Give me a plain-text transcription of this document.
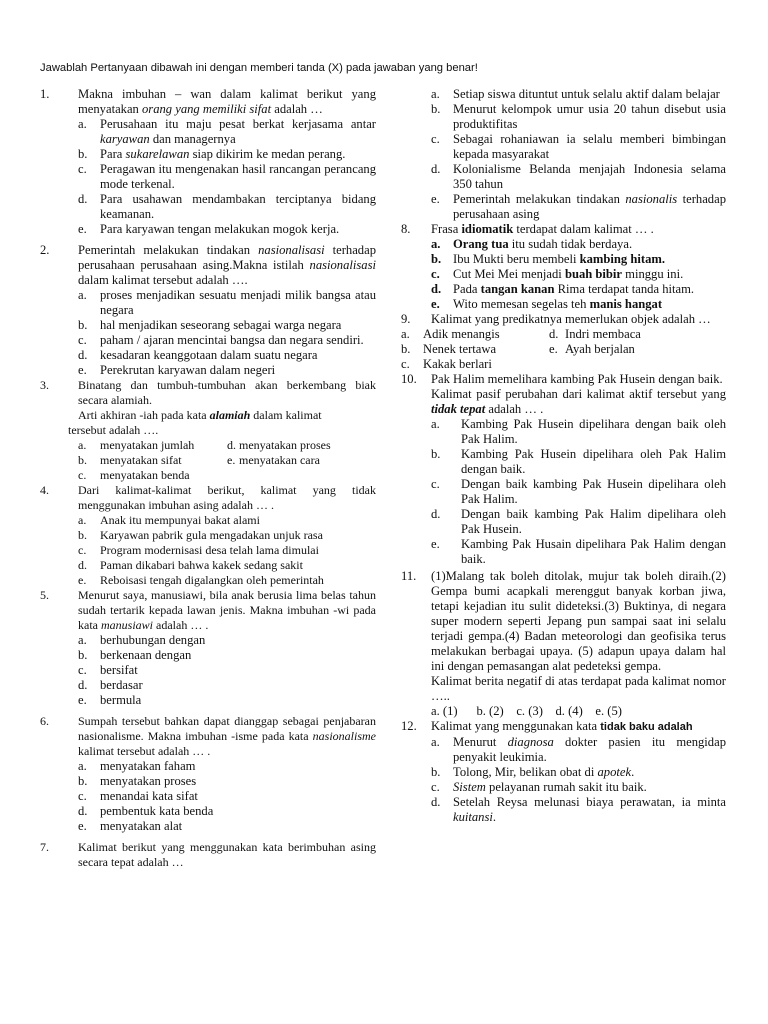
Jawablah Pertanyaan dibawah ini dengan memberi tanda (X) pada jawaban yang benar!
1.	Makna imbuhan – wan dalam kalimat berikut yang menyatakan orang yang memiliki sifat adalah …
a.	Perusahaan itu maju pesat berkat kerjasama antar karyawan dan managernya
b. Para sukarelawan siap dikirim ke medan perang.
c.	Peragawan itu mengenakan hasil rancangan perancang mode terkenal.
d. Para usahawan mendambakan terciptanya bidang keamanan.
e.	Para karyawan tengan melakukan mogok kerja.
2.	Pemerintah melakukan tindakan nasionalisasi terhadap perusahaan perusahaan asing.Makna istilah nasionalisasi dalam kalimat tersebut adalah ….
a.	proses menjadikan sesuatu menjadi milik bangsa atau negara
b. hal menjadikan seseorang sebagai warga negara
c.	paham / ajaran mencintai bangsa dan negara sendiri.
d. kesadaran keanggotaan dalam suatu negara
e.	Perekrutan karyawan dalam negeri
3.	Binatang dan tumbuh-tumbuhan akan berkembang biak secara alamiah.
Arti akhiran -iah pada kata alamiah dalam kalimat
tersebut adalah ….
a.	menyatakan jumlah	d. menyatakan proses
b.	menyatakan sifat	e. menyatakan cara
c.	menyatakan benda
4.	Dari kalimat-kalimat berikut, kalimat yang tidak menggunakan imbuhan asing adalah … .
a.	Anak itu mempunyai bakat alami
b.	Karyawan pabrik gula mengadakan unjuk rasa
c.	Program modernisasi desa telah lama dimulai
d.	Paman dikabari bahwa kakek sedang sakit
e.	Reboisasi tengah digalangkan oleh pemerintah
5.	Menurut saya, manusiawi, bila anak berusia lima belas tahun sudah tertarik kepada lawan jenis. Makna imbuhan -wi pada kata manusiawi adalah … .
a.	berhubungan dengan
b. berkenaan dengan
c.	bersifat
d. berdasar
e.	bermula
6.	Sumpah tersebut bahkan dapat dianggap sebagai penjabaran nasionalisme. Makna imbuhan -isme pada kata nasionalisme kalimat tersebut adalah … .
a.	menyatakan faham
b. menyatakan proses
c.	menandai kata sifat
d. pembentuk kata benda
e.	menyatakan alat
7.	Kalimat berikut yang menggunakan kata berimbuhan asing secara tepat adalah …
a.	Setiap siswa dituntut untuk selalu aktif dalam belajar
b. Menurut kelompok umur usia 20 tahun disebut usia produktifitas
c.	Sebagai rohaniawan ia selalu memberi bimbingan kepada masyarakat
d. Kolonialisme Belanda menjajah Indonesia selama 350 tahun
e.	Pemerintah melakukan tindakan nasionalis terhadap perusahaan asing
8.	Frasa idiomatik terdapat dalam kalimat … .
a. Orang tua itu sudah tidak berdaya.
b. Ibu Mukti beru membeli kambing hitam.
c.	Cut Mei Mei menjadi buah bibir minggu ini.
d. Pada tangan kanan Rima terdapat tanda hitam.
e.	Wito memesan segelas teh manis hangat
9.	Kalimat yang predikatnya memerlukan objek adalah …
a.	Adik menangis	d. Indri membaca
b. Nenek tertawa	e. Ayah berjalan
c.	Kakak berlari
10.	Pak Halim memelihara kambing Pak Husein dengan baik.
Kalimat pasif perubahan dari kalimat aktif tersebut yang tidak tepat adalah … .
a.	Kambing Pak Husein dipelihara dengan baik oleh Pak Halim.
b.	Kambing Pak Husein dipelihara oleh Pak Halim dengan baik.
c.	Dengan baik kambing Pak Husein dipelihara oleh Pak Halim.
d.	Dengan baik kambing Pak Halim dipelihara oleh Pak Husein.
e.	Kambing Pak Husain dipelihara Pak Halim dengan baik.
11.	(1)Malang tak boleh ditolak, mujur tak boleh diraih.(2) Gempa bumi acapkali merenggut banyak korban jiwa, tetapi kejadian itu sulit dideteksi.(3) Buktinya, di negara super modern seperti Jepang pun sampai saat ini selalu terjadi gempa.(4) Badan meteorologi dan geofisika terus melakukan berbagai upaya. (5) adapun upaya dalam hal ini dengan pemasangan alat pedeteksi gempa.
Kalimat berita negatif di atas terdapat pada kalimat nomor …..
a. (1)      b. (2)    c. (3)    d. (4)    e. (5)
12.	Kalimat yang menggunakan kata tidak baku adalah
a.	Menurut diagnosa dokter pasien itu mengidap penyakit leukimia.
b. Tolong, Mir, belikan obat di apotek.
c.	Sistem pelayanan rumah sakit itu baik.
d. Setelah Reysa melunasi biaya perawatan, ia minta kuitansi.
